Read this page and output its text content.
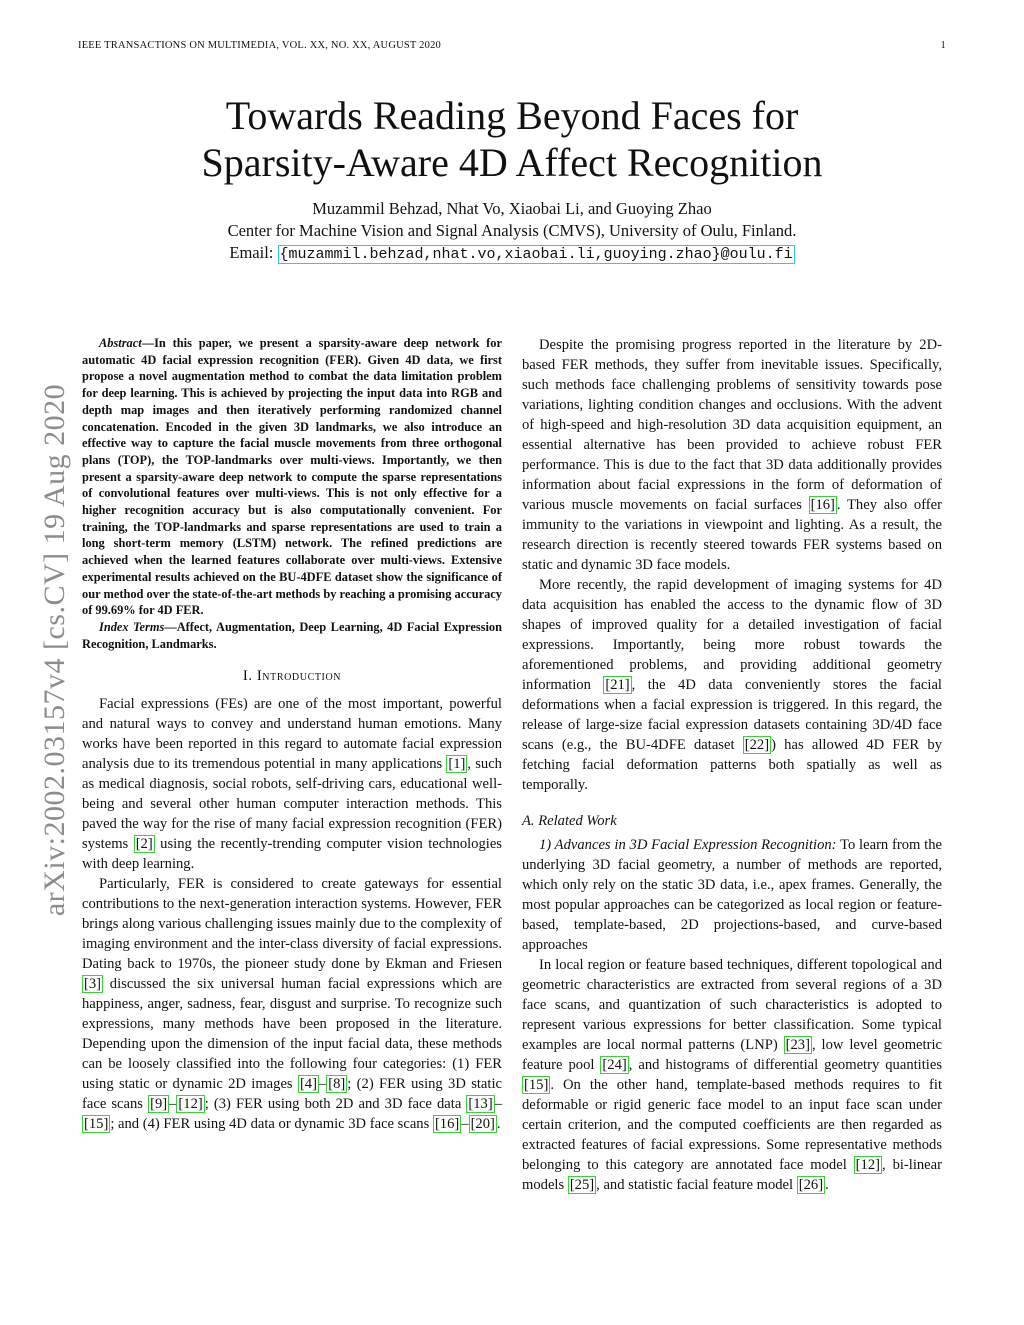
IEEE TRANSACTIONS ON MULTIMEDIA, VOL. XX, NO. XX, AUGUST 2020	1
Towards Reading Beyond Faces for
Sparsity-Aware 4D Affect Recognition
Muzammil Behzad, Nhat Vo, Xiaobai Li, and Guoying Zhao
Center for Machine Vision and Signal Analysis (CMVS), University of Oulu, Finland.
Email: {muzammil.behzad,nhat.vo,xiaobai.li,guoying.zhao}@oulu.fi
arXiv:2002.03157v4 [cs.CV] 19 Aug 2020

Abstract—In this paper, we present a sparsity-aware deep network for automatic 4D facial expression recognition (FER). Given 4D data, we first propose a novel augmentation method to combat the data limitation problem for deep learning. This is achieved by projecting the input data into RGB and depth map images and then iteratively performing randomized channel concatenation. Encoded in the given 3D landmarks, we also introduce an effective way to capture the facial muscle movements from three orthogonal plans (TOP), the TOP-landmarks over multi-views. Importantly, we then present a sparsity-aware deep network to compute the sparse representations of convolutional features over multi-views. This is not only effective for a higher recognition accuracy but is also computationally convenient. For training, the TOP-landmarks and sparse representations are used to train a long short-term memory (LSTM) network. The refined predictions are achieved when the learned features collaborate over multi-views. Extensive experimental results achieved on the BU-4DFE dataset show the significance of our method over the state-of-the-art methods by reaching a promising accuracy of 99.69% for 4D FER.

Index Terms—Affect, Augmentation, Deep Learning, 4D Facial Expression Recognition, Landmarks.

I. Introduction

Facial expressions (FEs) are one of the most important, powerful and natural ways to convey and understand human emotions. Many works have been reported in this regard to automate facial expression analysis due to its tremendous potential in many applications [1] , such as medical diagnosis, social robots, self-driving cars, educational well-being and several other human computer interaction methods. This paved the way for the rise of many facial expression recognition (FER) systems [2] using the recently-trending computer vision technologies with deep learning.

Particularly, FER is considered to create gateways for essential contributions to the next-generation interaction systems. However, FER brings along various challenging issues mainly due to the complexity of imaging environment and the inter-class diversity of facial expressions. Dating back to 1970s, the pioneer study done by Ekman and Friesen [3] discussed the six universal human facial expressions which are happiness, anger, sadness, fear, disgust and surprise. To recognize such expressions, many methods have been proposed in the literature. Depending upon the dimension of the input facial data, these methods can be loosely classified into the following four categories: (1) FER using static or dynamic 2D images [4] – [8] ; (2) FER using 3D static face scans [9] – [12] ; (3) FER using both 2D and 3D face data [13] –[15] ; and (4) FER using 4D data or dynamic 3D face scans [16] – [20] .

Despite the promising progress reported in the literature by 2D-based FER methods, they suffer from inevitable issues. Specifically, such methods face challenging problems of sensitivity towards pose variations, lighting condition changes and occlusions. With the advent of high-speed and high-resolution 3D data acquisition equipment, an essential alternative has been provided to achieve robust FER performance. This is due to the fact that 3D data additionally provides information about facial expressions in the form of deformation of various muscle movements on facial surfaces [16] . They also offer immunity to the variations in viewpoint and lighting. As a result, the research direction is recently steered towards FER systems based on static and dynamic 3D face models.

More recently, the rapid development of imaging systems for 4D data acquisition has enabled the access to the dynamic flow of 3D shapes of improved quality for a detailed investigation of facial expressions. Importantly, being more robust towards the aforementioned problems, and providing additional geometry information [21] , the 4D data conveniently stores the facial deformations when a facial expression is triggered. In this regard, the release of large-size facial expression datasets containing 3D/4D face scans (e.g., the BU-4DFE dataset [22] ) has allowed 4D FER by fetching facial deformation patterns both spatially as well as temporally.

A. Related Work

1) Advances in 3D Facial Expression Recognition: To learn from the underlying 3D facial geometry, a number of methods are reported, which only rely on the static 3D data, i.e., apex frames. Generally, the most popular approaches can be categorized as local region or feature-based, template-based, 2D projections-based, and curve-based approaches

In local region or feature based techniques, different topological and geometric characteristics are extracted from several regions of a 3D face scans, and quantization of such characteristics is adopted to represent various expressions for better classification. Some typical examples are local normal patterns (LNP) [23] , low level geometric feature pool [24] , and histograms of differential geometry quantities [15] . On the other hand, template-based methods requires to fit deformable or rigid generic face model to an input face scan under certain criterion, and the computed coefficients are then regarded as extracted features of facial expressions. Some representative methods belonging to this category are annotated face model [12] , bi-linear models [25] , and statistic facial feature model [26] .
